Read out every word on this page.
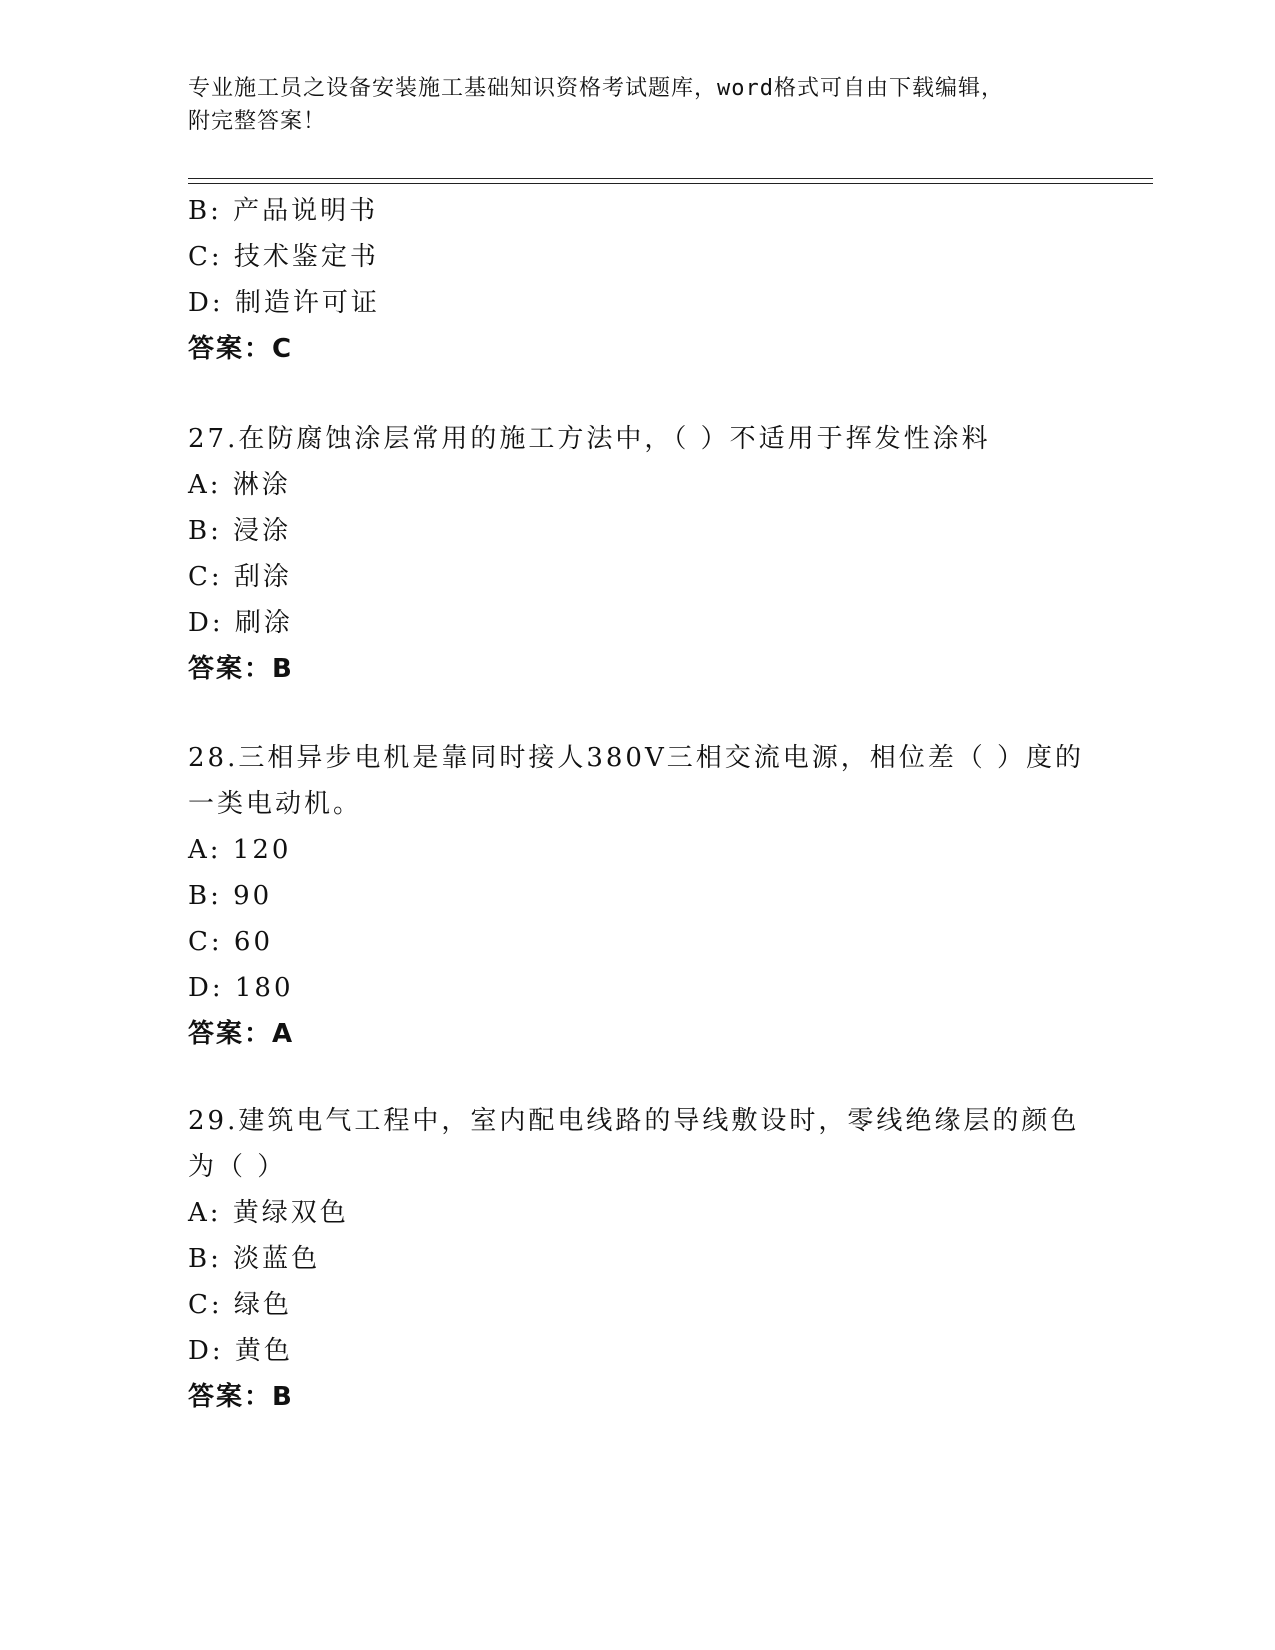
专业施工员之设备安装施工基础知识资格考试题库，word格式可自由下载编辑，
附完整答案！
B: 产品说明书
C: 技术鉴定书
D: 制造许可证
答案：C
27.在防腐蚀涂层常用的施工方法中，（ ）不适用于挥发性涂料
A: 淋涂
B: 浸涂
C: 刮涂
D: 刷涂
答案：B
28.三相异步电机是靠同时接人380V三相交流电源，相位差（ ）度的一类电动机。
A: 120
B: 90
C: 60
D: 180
答案：A
29.建筑电气工程中，室内配电线路的导线敷设时，零线绝缘层的颜色为（ ）
A: 黄绿双色
B: 淡蓝色
C: 绿色
D: 黄色
答案：B
